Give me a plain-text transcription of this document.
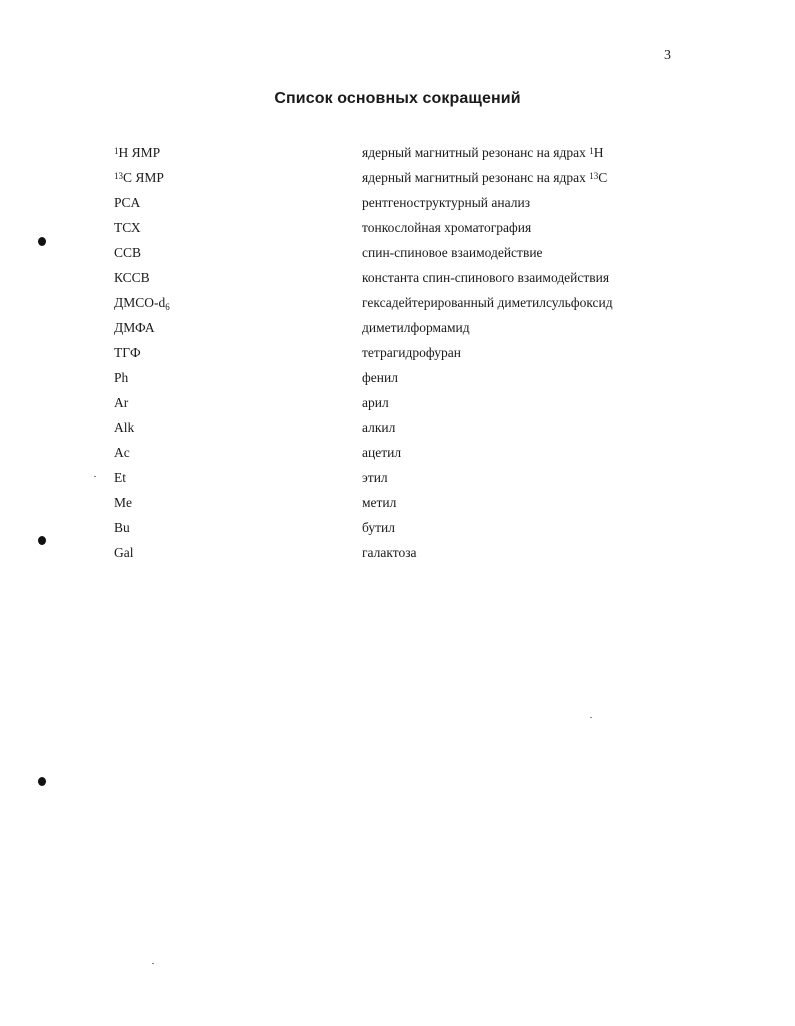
3
Список основных сокращений
$^1$Н ЯМР	ядерный магнитный резонанс на ядрах $^1$Н
$^{13}$С ЯМР	ядерный магнитный резонанс на ядрах $^{13}$С
PCA	рентгеноструктурный анализ
ТСХ	тонкослойная хроматография
ССВ	спин-спиновое взаимодействие
КССВ	константа спин-спинового взаимодействия
ДМСО-$d_6$	гексадейтерированный диметилсульфоксид
ДМФА	диметилформамид
ТГФ	тетрагидрофуран
Ph	фенил
Ar	арил
Alk	алкил
Ac	ацетил
Et	этил
Me	метил
Bu	бутил
Gal	галактоза
